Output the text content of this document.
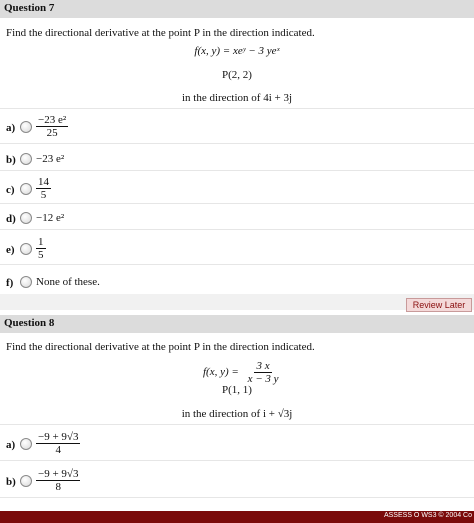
Question 7
Find the directional derivative at the point P in the direction indicated.
f(x, y) = xeʸ − 3 yeˣ
P(2, 2)
in the direction of 4i + 3j
$a) \frac{\text{−23 e²}}{25}$
b) −23 e²
$c) \frac{14}{5}$
d) −12 e²
$e) \frac{1}{5}$
f) None of these.
Review Later
Question 8
Find the directional derivative at the point P in the direction indicated.
f(x, $y) = \frac{3 x}{x - 3 y}$
P(1, 1)
in the direction of i + √3j
$a) \frac{-9 + 9√3}{4}$
$b) \frac{-9 + 9√3}{8}$
ASSESS O WS3 © 2004 Co
